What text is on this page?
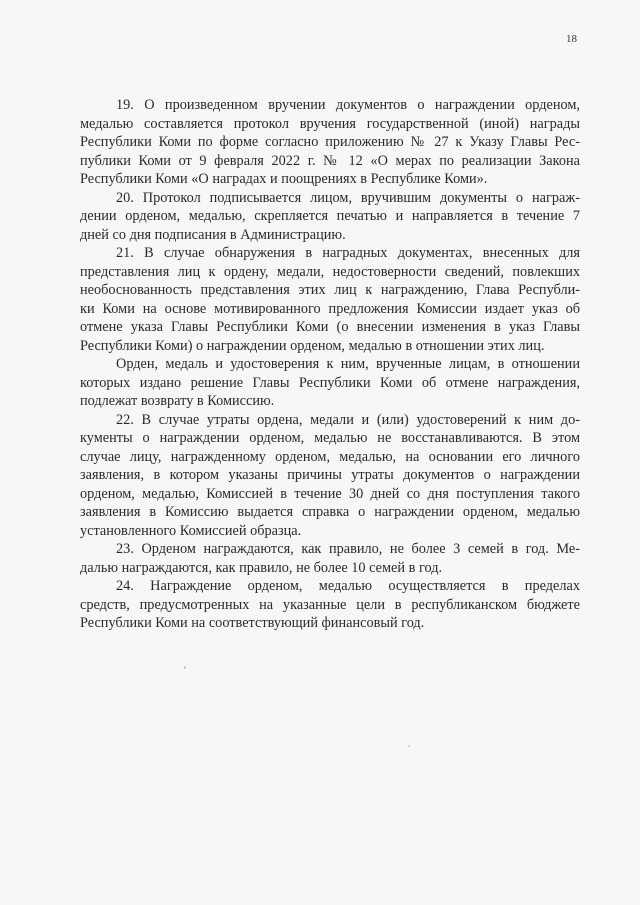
18
19. О произведенном вручении документов о награждении орденом,
медалью составляется протокол вручения государственной (иной) награды
Республики Коми по форме согласно приложению № 27 к Указу Главы Рес-
публики Коми от 9 февраля 2022 г. № 12 «О мерах по реализации Закона
Республики Коми «О наградах и поощрениях в Республике Коми».
20. Протокол подписывается лицом, вручившим документы о награж-
дении орденом, медалью, скрепляется печатью и направляется в течение 7
дней со дня подписания в Администрацию.
21. В случае обнаружения в наградных документах, внесенных для
представления лиц к ордену, медали, недостоверности сведений, повлекших
необоснованность представления этих лиц к награждению, Глава Республи-
ки Коми на основе мотивированного предложения Комиссии издает указ об
отмене указа Главы Республики Коми (о внесении изменения в указ Главы
Республики Коми) о награждении орденом, медалью в отношении этих лиц.
Орден, медаль и удостоверения к ним, врученные лицам, в отношении
которых издано решение Главы Республики Коми об отмене награждения,
подлежат возврату в Комиссию.
22. В случае утраты ордена, медали и (или) удостоверений к ним до-
кументы о награждении орденом, медалью не восстанавливаются. В этом
случае лицу, награжденному орденом, медалью, на основании его личного
заявления, в котором указаны причины утраты документов о награждении
орденом, медалью, Комиссией в течение 30 дней со дня поступления такого
заявления в Комиссию выдается справка о награждении орденом, медалью
установленного Комиссией образца.
23. Орденом награждаются, как правило, не более 3 семей в год. Ме-
далью награждаются, как правило, не более 10 семей в год.
24. Награждение орденом, медалью осуществляется в пределах
средств, предусмотренных на указанные цели в республиканском бюджете
Республики Коми на соответствующий финансовый год.
